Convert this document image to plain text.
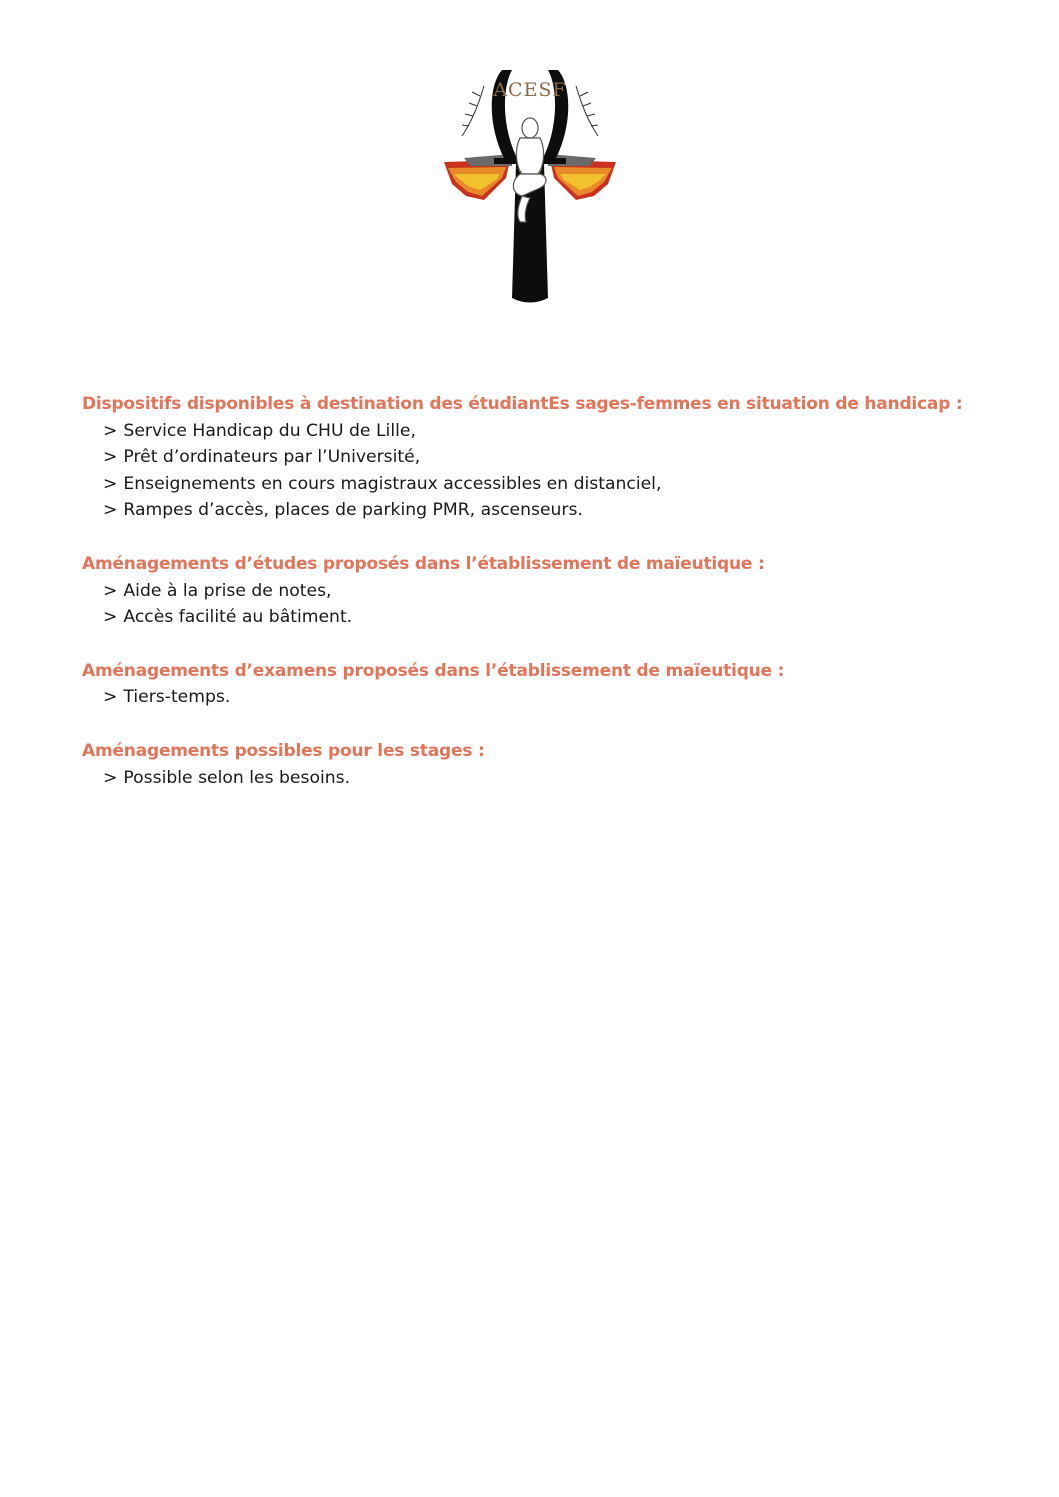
ACESF
Dispositifs disponibles à destination des étudiantEs sages-femmes en situation de handicap :
> Service Handicap du CHU de Lille,
> Prêt d’ordinateurs par l’Université,
> Enseignements en cours magistraux accessibles en distanciel,
> Rampes d’accès, places de parking PMR, ascenseurs.
Aménagements d’études proposés dans l’établissement de maïeutique :
> Aide à la prise de notes,
> Accès facilité au bâtiment.
Aménagements d’examens proposés dans l’établissement de maïeutique :
> Tiers-temps.
Aménagements possibles pour les stages :
> Possible selon les besoins.
